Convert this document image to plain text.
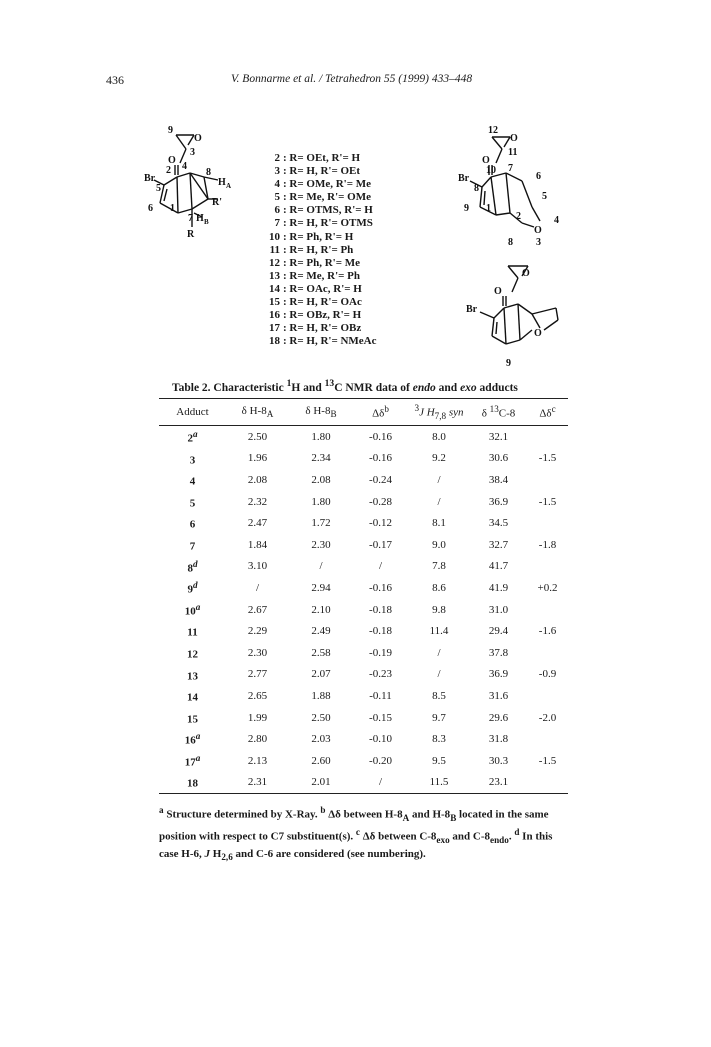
436	V. Bonnarme et al. / Tetrahedron 55 (1999) 433–448
9
O
3
O
2 4
Br
8
H A
5
R'
6 1
7 H B
R
2 : R= OEt, R'= H
3 : R= H, R'= OEt
4 : R= OMe, R'= Me
5 : R= Me, R'= OMe
6 : R= OTMS, R'= H
7 : R= H, R'= OTMS
10 : R= Ph, R'= H
11 : R= H, R'= Ph
12 : R= Ph, R'= Me
13 : R= Me, R'= Ph
14 : R= OAc, R'= H
15 : R= H, R'= OAc
16 : R= OBz, R'= H
17 : R= H, R'= OBz
18 : R= H, R'= NMeAc
12
O
11
O
10 7
6
Br
8
5
9 1
2	4
O
3
8
O
O
Br
O
9

Table 2. Characteristic $^1$H and $^{13}$C NMR data of endo and exo adducts

Adduct	δ $H-8_A$	δ $H-8_B$	$\Delta\delta^b$	$^3$J $H_{7,8}$ syn	δ $^{13}$C-8	$\Delta\delta^c$
2$^a$	2.50	1.80	-0.16	8.0	32.1	
3	1.96	2.34	-0.16	9.2	30.6	-1.5
4	2.08	2.08	-0.24	/	38.4	
5	2.32	1.80	-0.28	/	36.9	-1.5
6	2.47	1.72	-0.12	8.1	34.5	
7	1.84	2.30	-0.17	9.0	32.7	-1.8
8$^d$	3.10	/	/	7.8	41.7	
9$^d$	/	2.94	-0.16	8.6	41.9	+0.2
10$^a$	2.67	2.10	-0.18	9.8	31.0	
11	2.29	2.49	-0.18	11.4	29.4	-1.6
12	2.30	2.58	-0.19	/	37.8	
13	2.77	2.07	-0.23	/	36.9	-0.9
14	2.65	1.88	-0.11	8.5	31.6	
15	1.99	2.50	-0.15	9.7	29.6	-2.0
16$^a$	2.80	2.03	-0.10	8.3	31.8	
17$^a$	2.13	2.60	-0.20	9.5	30.3	-1.5
18	2.31	2.01	/	11.5	23.1	

$^a$ Structure determined by X-Ray. $^b$ Δδ between $H-8_A$ and $H-8_B$ located in the same position with respect to C7 substituent(s). $^c$ Δδ between $C-8_{exo}$ and $C-8_{endo}$. $^d$ In this case H-6, J $H_{2,6}$ and C-6 are considered (see numbering).
